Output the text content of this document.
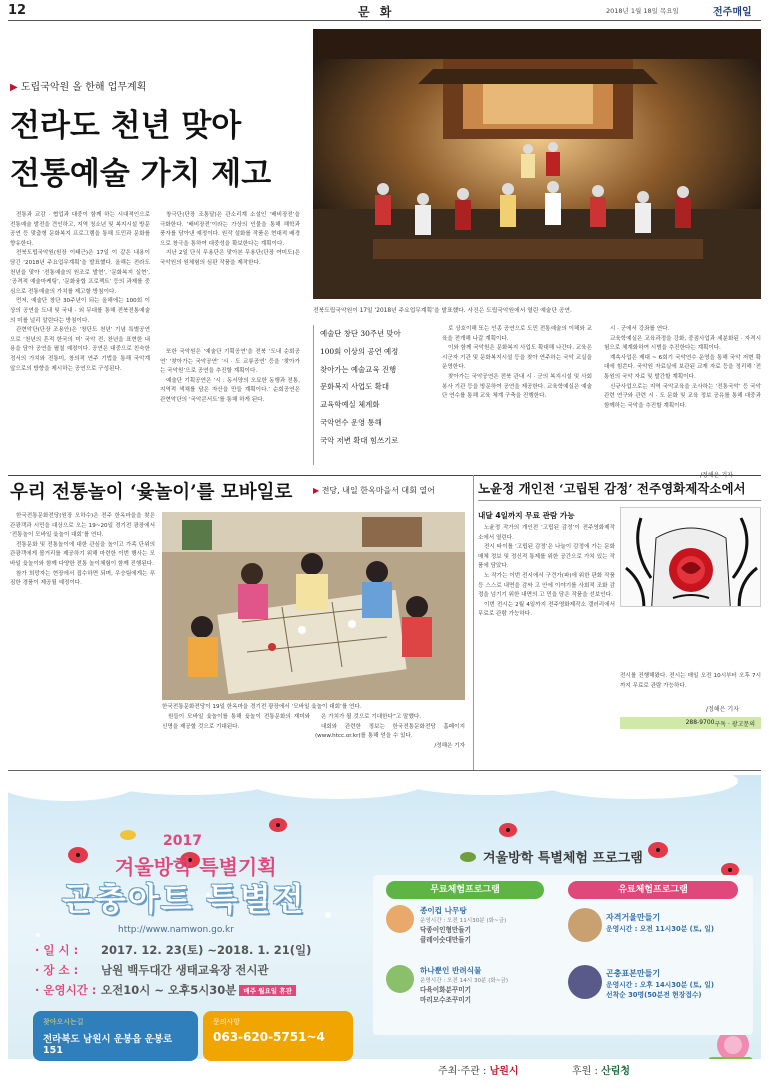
12	문 화	2018년 1월 18일 목요일	전주매일
▶ 도립국악원 올 한해 업무계획
전라도 천년 맞아
전통예술 가치 제고
전북도립국악원이 17일 ‘2018년 주요업무계획’을 발표했다. 사진은 도립국악원에서 열린 예술단 공연.

전통과 교감 · 협업과 대중이 함께 하는 시대적인으로 전통예술 발전을 견인하고, 지역 청소년 및 복지시설 방문공연 등 맞춤형 문화복지 프로그램을 통해 도민과 문화를 향유한다.

전북도립국악원(원장 이태근)은 17일 이 같은 내용이 담긴 ‘2018년 주요업무계획’을 발표했다. 올해는 전라도 천년을 맞아 ‘전통예술의 원조로 발현’, ‘문화복지 실현’, ‘공격적 예술마케팅’, ‘문화융합 프로젝트’ 등의 과제를 중심으로 전통예술의 가치를 제고할 방침이다.

먼저, 예술단 창단 30주년이 되는 올해에는 100회 이상의 공연을 도내 및 국내 · 외 무대를 통해 전북전통예술의 미를 널리 알린다는 방침이다.

관현악단(단장 조용안)은 ‘창단도 천년’ 기념 특별공연으로 ‘천년의 흔적 한국의 미’ 국악 전, 찬년을 표현한 내용을 담아 공연을 펼칠 예정이다. 공연은 대중으로 친숙한 정서의 가치와 전통미, 창의적 연주 기법을 통해 국악계 앞으로의 방향을 제시하는 공연으로 구성된다.

창극단(단장 조통달)은 관소리계 소설인 ‘배비장전’을 극화한다. ‘배비장전’이라는 가상의 인물을 통해 해학과 풍자를 담아낸 예정이다. 원작 설화를 작품은 현대적 배경으로 창극을 통하여 대중성을 확보한다는 계획이다.

지난 2일 단식 무용단은 맞아본 무용단(단장 여미도)은 국악원의 원체험의 심판 작품을 제작한다.

또한 국악원은 ‘예술단 기획공연’을 전북 ‘도내 순회공연’ ‘찾아가는 국악공연’ ‘시 · 도 교류공연’ 등을 ‘찾아가는 국악원’으로 공연을 추진할 계획이다.

예술단 기획공연은 ‘시 : 동서양의 오묘한 동행과 전통, 지역적 색채를 담은 자산을 만들 계획이다.’ 순회공연은 관현악단의 ‘국악콘서트’를 통해 하게 된다.

예술단 창단 30주년 맞아
100회 이상의 공연 예정
찾아가는 예술교육 진행
문화복지 사업도 확대
교육학예실 체계화
국악연수 운영 통해
국악 저변 확대 힘쓰기로

로 상호이해 또는 인종 공연으로 도민 전통예술의 이해와 교육을 전개해 나갈 계획이다.

이와 함께 국악원은 문화복지 사업도 확대해 나간다. 교육은 시군자 기관 및 문화복지시설 등을 찾아 연주하는 국악 교실을 운영한다.

찾아가는 국악공연은 전북 관내 시 · 군의 복지시설 및 사회봉사 기관 등을 방문하여 공연을 제공한다. 교육학예실은 예술단 연수를 통해 교육 체계 구축을 진행한다.

시 · 군에서 강좌를 연다.

교육학예실은 교육과정을 강화, 중점사업과 세분화된 · 자격시험으로 체계화하여 시범을 추진한다는 계획이다.

계속사업은 제대 ~ 6회기 국악연수 운영을 통해 국악 저변 확대에 힘쓴다. 국악원 자료실에 보관된 교재 자료 등을 정리해 ‘전통원의 국악 자료 및 발간할 계획이다.

신규사업으로는 지역 국악교육을 조사하는 ‘전통국악’ 등 국악 관련 연구와 관련 시 · 도 문화 및 교육 정보 공유를 통해 대중과 함께하는 국악을 추진할 계획이다.

우리 전통놀이 ‘윷놀이’를 모바일로	▶ 전당, 내일 한옥마을서 대회 열어

한국전통문화전당(원장 오하수)은 전주 한옥마을을 찾은 관광객과 시민을 대상으로 오는 19~20일 경기전 광장에서 ‘전통놀이 모바일 윷놀이 대회’를 연다.

전통문화 및 전통놀이에 대한 관심을 높이고 가족 단위의 관광객에게 볼거리를 제공하기 위해 마련한 이번 행사는 모바일 윷놀이와 함께 다양한 전통 놀이체험이 함께 진행된다.

참가 희망자는 현장에서 접수하면 되며, 우승팀에게는 푸짐한 경품이 제공될 예정이다.

한국전통문화전당이 19일 한옥마을 경기전 광장에서 ‘모바일 윷놀이 대회’를 연다.

원들이 모바일 윷놀이를 통해 윷놀이 전통문화의 재미와 신명을 제공할 것으로 기대된다.

은 가치가 될 것으로 기대한다”고 말했다.

대회와 관련한 정보는 한국전통문화전당 홈페이지(www.htcc.or.kr)를 통해 얻을 수 있다.

/정해은 기자
노윤정 개인전 ‘고립된 감정’ 전주영화제작소에서
내달 4일까지 무료 관람 가능

노윤정 작가의 개인전 ‘고립된 감정’이 전주영화제작소에서 열린다.

전시 타이틀 ‘고립된 감정’은 나눌이 감정에 가는 문화매체 정보 및 정신적 통제를 위한 공간으로 가치 있는 작품에 담았다.

노 작가는 이번 전시에서 구견가(파)에 위한 판화 작품 등 스스로 내면을 감싸 고 안에 이야기를 사회적 조화 감정을 넘기기 위한 내면의 고 민을 담은 작품을 선보인다.

이번 전시는 2월 4일까지 전주영화제작소 갤러리에서 무료로 관람 가능하다.

전시를 진행해왔다. 전시는 매일 오전 10시부터 오후 7시까지 무료로 관람 가능하다.
/정해은 기자
구독 · 광고문의
288-9700
2017
겨울방학 특별기획
곤충아트 특별전
http://www.namwon.go.kr
· 일 시 : 2017. 12. 23(토) ~2018. 1. 21(일)
· 장 소 : 남원 백두대간 생태교육장 전시관
· 운영시간 : 오전10시 ~ 오후5시30분 매주 월요일 휴관
찾아오시는길
전라북도 남원시 운봉읍 운봉로 151
문의사항
063-620-5751~4
겨울방학 특별체험 프로그램
무료체험프로그램	유료체험프로그램
종이컵 나무탕
운영시간 : 오전 11시30분 (화~금)
닥종이인형만들기
클레이숫대만들기
하나뿐인 반려식물
운영시간 : 오전 14시 30분 (화~금)
다육이화분꾸미기
마리모수조꾸미기
자격거울만들기
운영시간 : 오전 11시30분 (토, 일)
곤충표본만들기
운영시간 : 오후 14시30분 (토, 일)
선착순 30명(50분전 현장접수)
주최·주관 : 남원시	후원 : 산림청
